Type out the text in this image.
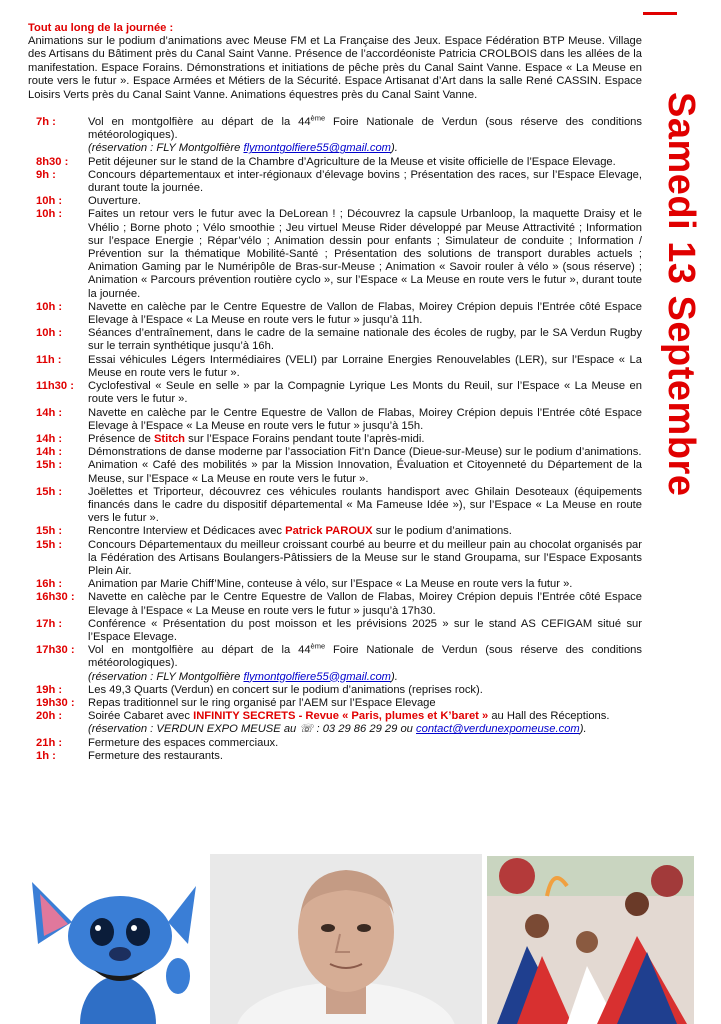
Tout au long de la journée :

Animations sur le podium d’animations avec Meuse FM et La Française des Jeux. Espace Fédération BTP Meuse. Village des Artisans du Bâtiment près du Canal Saint Vanne. Présence de l’accordéoniste Patricia CROLBOIS dans les allées de la manifestation. Espace Forains. Démonstrations et initiations de pêche près du Canal Saint Vanne. Espace « La Meuse en route vers le futur ». Espace Armées et Métiers de la Sécurité. Espace Artisanat d’Art dans la salle René CASSIN. Espace Loisirs Verts près du Canal Saint Vanne. Animations équestres près du Canal Saint Vanne.

7h :	Vol en montgolfière au départ de la 44ème Foire Nationale de Verdun (sous réserve des conditions météorologiques).
(réservation : FLY Montgolfière flymontgolfiere55@gmail.com).
8h30 :	Petit déjeuner sur le stand de la Chambre d’Agriculture de la Meuse et visite officielle de l’Espace Elevage.
9h :	Concours départementaux et inter-régionaux d’élevage bovins ; Présentation des races, sur l’Espace Elevage, durant toute la journée.
10h :	Ouverture.
10h :	Faites un retour vers le futur avec la DeLorean ! ; Découvrez la capsule Urbanloop, la maquette Draisy et le Vhélio ; Borne photo ; Vélo smoothie ; Jeu virtuel Meuse Rider développé par Meuse Attractivité ; Information sur l’espace Energie ; Répar’vélo ; Animation dessin pour enfants ; Simulateur de conduite ; Information / Prévention sur la thématique Mobilité-Santé ; Présentation des solutions de transport durables actuels ; Animation Gaming par le Numéripôle de Bras-sur-Meuse ; Animation « Savoir rouler à vélo » (sous réserve) ; Animation « Parcours prévention routière cyclo », sur l’Espace « La Meuse en route vers le futur », durant toute la journée.
10h :	Navette en calèche par le Centre Equestre de Vallon de Flabas, Moirey Crépion depuis l’Entrée côté Espace Elevage à l’Espace « La Meuse en route vers le futur » jusqu’à 11h.
10h :	Séances d’entraînement, dans le cadre de la semaine nationale des écoles de rugby, par le SA Verdun Rugby sur le terrain synthétique jusqu’à 16h.
11h :	Essai véhicules Légers Intermédiaires (VELI) par Lorraine Energies Renouvelables (LER), sur l’Espace « La Meuse en route vers le futur ».
11h30 :	Cyclofestival « Seule en selle » par la Compagnie Lyrique Les Monts du Reuil, sur l’Espace « La Meuse en route vers le futur ».
14h :	Navette en calèche par le Centre Equestre de Vallon de Flabas, Moirey Crépion depuis l’Entrée côté Espace Elevage à l’Espace « La Meuse en route vers le futur » jusqu’à 15h.
14h :	Présence de Stitch sur l’Espace Forains pendant toute l’après-midi.
14h :	Démonstrations de danse moderne par l’association Fit’n Dance (Dieue-sur-Meuse) sur le podium d’animations.
15h :	Animation « Café des mobilités » par la Mission Innovation, Évaluation et Citoyenneté du Département de la Meuse, sur l’Espace « La Meuse en route vers le futur ».
15h :	Joëlettes et Triporteur, découvrez ces véhicules roulants handisport avec Ghilain Desoteaux (équipements financés dans le cadre du dispositif départemental « Ma Fameuse Idée »), sur l’Espace « La Meuse en route vers le futur ».
15h :	Rencontre Interview et Dédicaces avec Patrick PAROUX sur le podium d’animations.
15h :	Concours Départementaux du meilleur croissant courbé au beurre et du meilleur pain au chocolat organisés par la Fédération des Artisans Boulangers-Pâtissiers de la Meuse sur le stand Groupama, sur l’Espace Exposants Plein Air.
16h :	Animation par Marie Chiff’Mine, conteuse à vélo, sur l’Espace « La Meuse en route vers la futur ».
16h30 :	Navette en calèche par le Centre Equestre de Vallon de Flabas, Moirey Crépion depuis l’Entrée côté Espace Elevage à l’Espace « La Meuse en route vers le futur » jusqu’à 17h30.
17h :	Conférence « Présentation du post moisson et les prévisions 2025 » sur le stand AS CEFIGAM situé sur l’Espace Elevage.
17h30 :	Vol en montgolfière au départ de la 44ème Foire Nationale de Verdun (sous réserve des conditions météorologiques).
(réservation : FLY Montgolfière flymontgolfiere55@gmail.com).
19h :	Les 49,3 Quarts (Verdun) en concert sur le podium d’animations (reprises rock).
19h30 :	Repas traditionnel sur le ring organisé par l’AEM sur l’Espace Elevage
20h :	Soirée Cabaret avec INFINITY SECRETS - Revue « Paris, plumes et K’baret » au Hall des Réceptions.
(réservation : VERDUN EXPO MEUSE au ☏ : 03 29 86 29 29 ou contact@verdunexpomeuse.com).
21h :	Fermeture des espaces commerciaux.
1h :	Fermeture des restaurants.
Samedi 13 Septembre
